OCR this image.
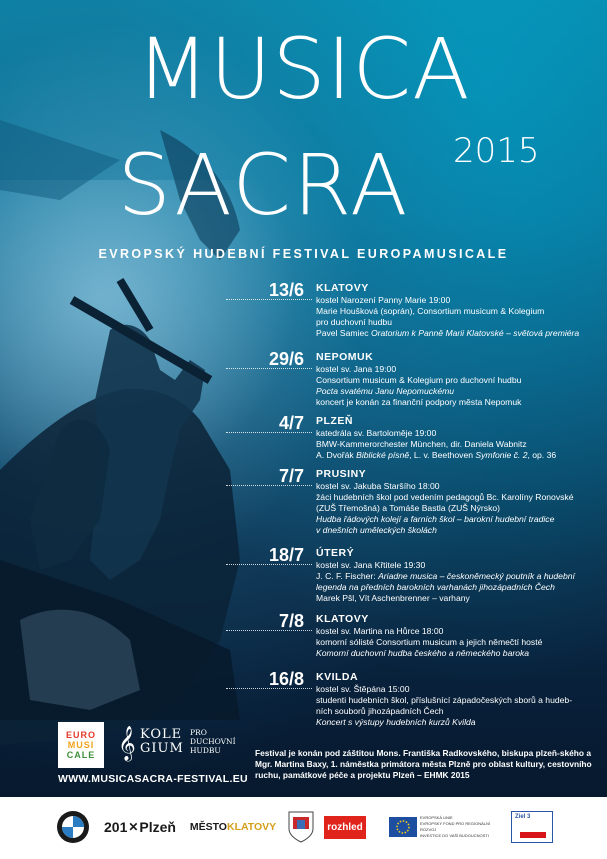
MUSICA
SACRA	2015
EVROPSKÝ HUDEBNÍ FESTIVAL EUROPAMUSICALE
13/6 KLATOVY
kostel Narození Panny Marie 19:00
Marie Houšková (soprán), Consortium musicum & Kolegium
pro duchovní hudbu
Pavel Samiec Oratorium k Panně Marii Klatovské – světová premiéra
29/6 NEPOMUK
kostel sv. Jana 19:00
Consortium musicum & Kolegium pro duchovní hudbu
Pocta svatému Janu Nepomuckému
koncert je konán za finanční podpory města Nepomuk
4/7 PLZEŇ
katedrála sv. Bartoloměje 19:00
BMW-Kammerorchester München, dir. Daniela Wabnitz
A. Dvořák Biblické písně, L. v. Beethoven Symfonie č. 2, op. 36
7/7 PRUSINY
kostel sv. Jakuba Staršího 18:00
žáci hudebních škol pod vedením pedagogů Bc. Karolíny Ronovské
(ZUŠ Třemošná) a Tomáše Bastla (ZUŠ Nýrsko)
Hudba řádových kolejí a farních škol – barokní hudební tradice
v dnešních uměleckých školách
18/7 ÚTERÝ
kostel sv. Jana Křtitele 19:30
J. C. F. Fischer: Ariadne musica – českoněmecký poutník a hudební
legenda na předních barokních varhanách jihozápadních Čech
Marek Pšl, Vít Aschenbrenner – varhany
7/8 KLATOVY
kostel sv. Martina na Hůrce 18:00
komorní sólisté Consortium musicum a jejich němečtí hosté
Komorní duchovní hudba českého a německého baroka
16/8 KVILDA
kostel sv. Štěpána 15:00
studenti hudebních škol, příslušnící západočeských sborů a hudeb-
ních souborů jihozápadních Čech
Koncert s výstupy hudebních kurzů Kvilda
EURO
MUSI
CALE 𝄞 KOLE
GIUM
PRO
DUCHOVNÍ
HUDBU
WWW.MUSICASACRA-FESTIVAL.EU
Festival je konán pod záštitou Mons. Františka Radkovského, biskupa plzeň-ského a Mgr. Martina Baxy, 1. náměstka primátora města Plzně pro oblast kultury, cestovního ruchu, památkové péče a projektu Plzeň – EHMK 2015
201 ✕ Plzeň MĚSTO KLATOVY	rozhled
EVROPSKÁ UNIE
EVROPSKÝ FOND PRO REGIONÁLNÍ ROZVOJ
INVESTICE DO VAŠÍ BUDOUCNOSTI
Ziel 3
